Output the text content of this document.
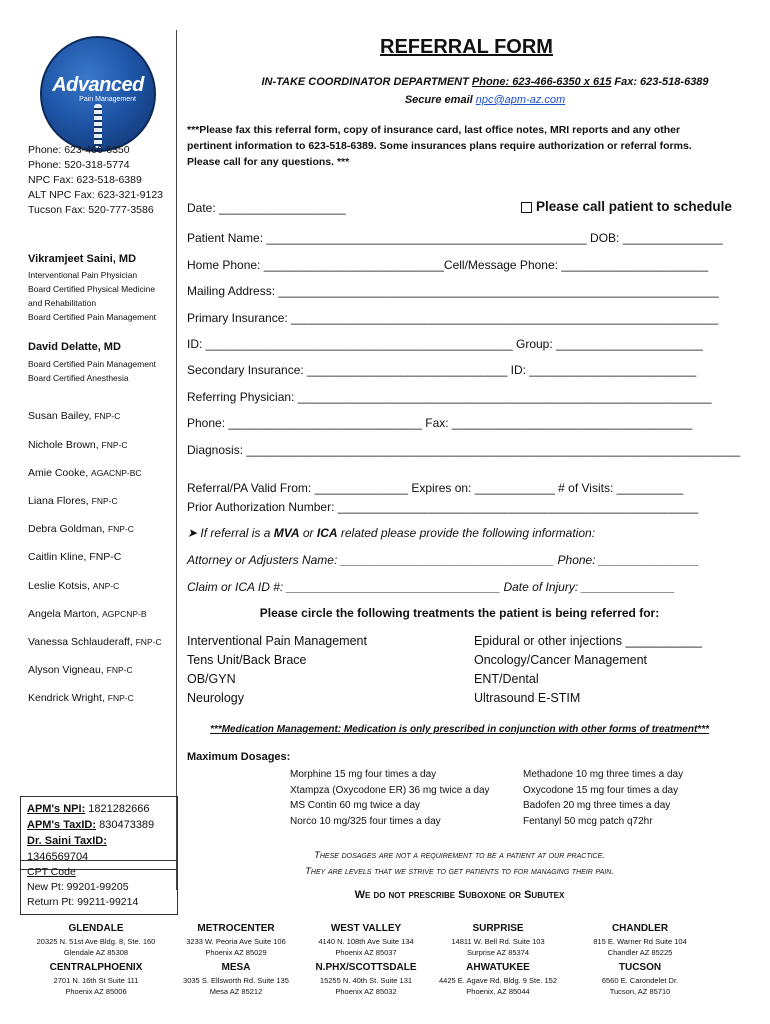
Advanced
Pain Management
Phone: 623-466-6350
Phone: 520-318-5774
NPC Fax: 623-518-6389
ALT NPC Fax: 623-321-9123
Tucson Fax: 520-777-3586
Vikramjeet Saini, MD
Interventional Pain Physician
Board Certified Physical Medicine
and Rehabilitation
Board Certified Pain Management
David Delatte, MD
Board Certified Pain Management
Board Certified Anesthesia
Susan Bailey, FNP-C
Nichole Brown, FNP-C
Amie Cooke, AGACNP-BC
Liana Flores, FNP-C
Debra Goldman, FNP-C
Caitlin Kline, FNP-C
Leslie Kotsis, ANP-C
Angela Marton, AGPCNP-B
Vanessa Schlauderaff, FNP-C
Alyson Vigneau, FNP-C
Kendrick Wright, FNP-C
APM's NPI: 1821282666
APM's TaxID: 830473389
Dr. Saini TaxID: 1346569704
CPT Code
New Pt: 99201-99205
Return Pt: 99211-99214
REFERRAL FORM
IN-TAKE COORDINATOR DEPARTMENT Phone: 623-466-6350 x 615 Fax: 623-518-6389
Secure email npc@apm-az.com
***Please fax this referral form, copy of insurance card, last office notes, MRI reports and any other pertinent information to 623-518-6389. Some insurances plans require authorization or referral forms. Please call for any questions. ***
Date: ___________________	Please call patient to schedule
Patient Name: ________________________________________________ DOB: _______________
Home Phone: ___________________________Cell/Message Phone: ______________________
Mailing Address: __________________________________________________________________
Primary Insurance: ________________________________________________________________
ID: ______________________________________________ Group: ______________________
Secondary Insurance: ______________________________ ID: _________________________
Referring Physician: ______________________________________________________________
Phone: _____________________________ Fax: ____________________________________
Diagnosis: __________________________________________________________________________
Referral/PA Valid From: ______________ Expires on: ____________ # of Visits: __________
Prior Authorization Number: ______________________________________________________
➤ If referral is a MVA or ICA related please provide the following information:
Attorney or Adjusters Name: ________________________________ Phone: _______________
Claim or ICA ID #: ________________________________ Date of Injury: ______________
Please circle the following treatments the patient is being referred for:
Interventional Pain Management
Tens Unit/Back Brace
OB/GYN
Neurology
Epidural or other injections ___________
Oncology/Cancer Management
ENT/Dental
Ultrasound E-STIM
***Medication Management: Medication is only prescribed in conjunction with other forms of treatment***
Maximum Dosages:
Morphine 15 mg four times a day
Xtampza (Oxycodone ER) 36 mg twice a day
MS Contin 60 mg twice a day
Norco 10 mg/325 four times a day
Methadone 10 mg three times a day
Oxycodone 15 mg four times a day
Badofen 20 mg three times a day
Fentanyl 50 mcg patch q72hr
These dosages are not a requirement to be a patient at our practice.
They are levels that we strive to get patients to for managing their pain.
We do not prescribe Suboxone or Subutex
GLENDALE
20325 N. 51st Ave Bldg. 8, Ste. 160
Glendale AZ 85308
CENTRALPHOENIX
2701 N. 16th St Suite 111
Phoenix AZ 85006
METROCENTER
3233 W. Peoria Ave Suite 106
Phoenix AZ 85029
MESA
3035 S. Ellsworth Rd. Suite 135
Mesa AZ 85212
WEST VALLEY
4140 N. 108th Ave Suite 134
Phoenix AZ 85037
N.PHX/SCOTTSDALE
15255 N. 40th St. Suite 131
Phoenix AZ 85032
SURPRISE
14811 W. Bell Rd. Suite 103
Surprise AZ 85374
AHWATUKEE
4425 E. Agave Rd. Bldg. 9 Ste. 152
Phoenix, AZ 85044
CHANDLER
815 E. Warner Rd Suite 104
Chandler AZ 85225
TUCSON
6560 E. Carondelet Dr.
Tucson, AZ 85710
